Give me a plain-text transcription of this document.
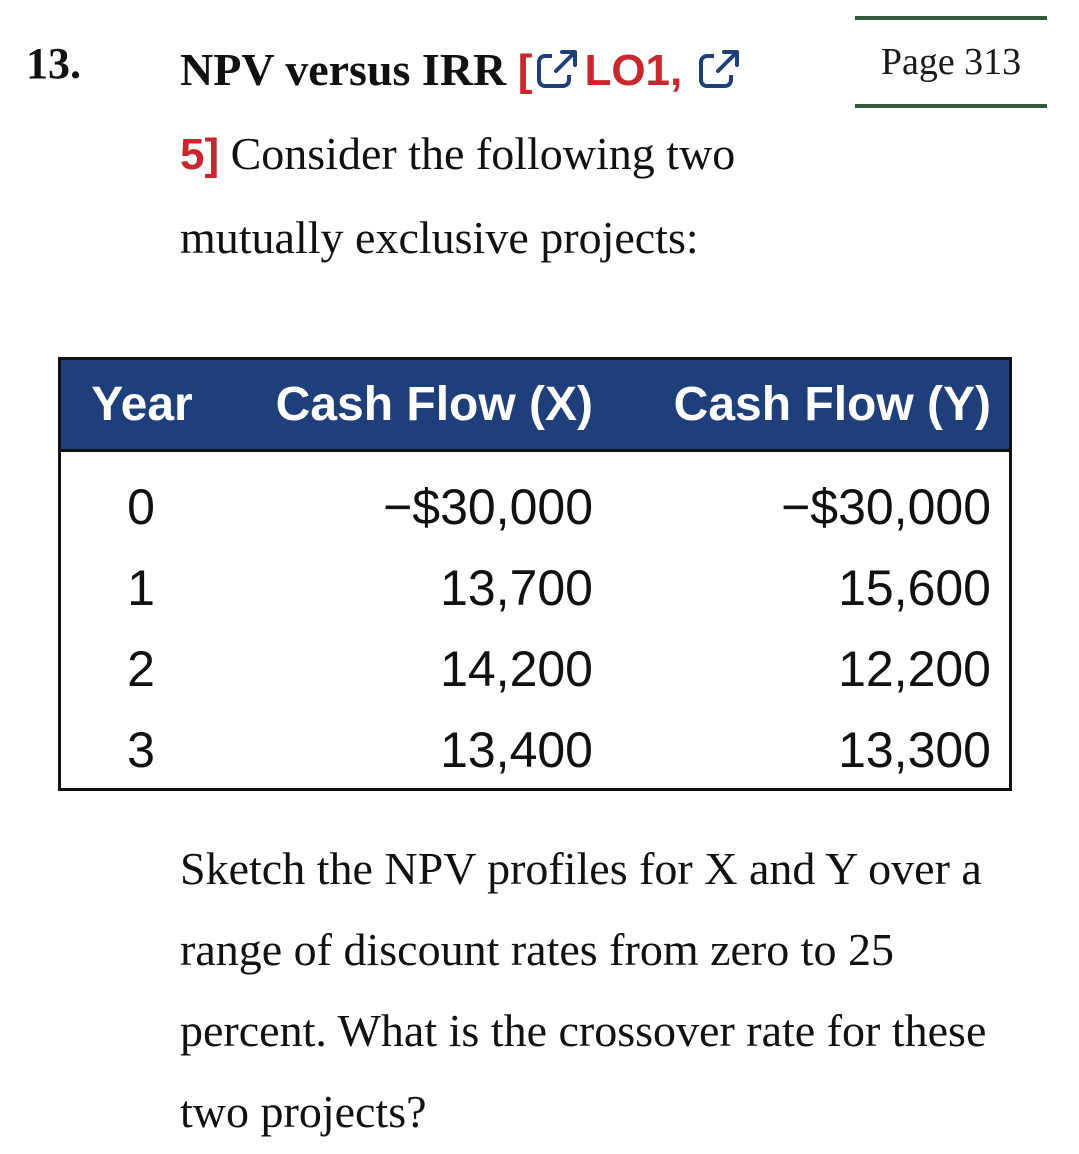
13. NPV versus IRR [ LO1,
5] Consider the following two mutually exclusive projects:
Page 313
Year	Cash Flow (X)	Cash Flow (Y)
0	−$30,000	−$30,000
1	13,700	15,600
2	14,200	12,200
3	13,400	13,300
Sketch the NPV profiles for X and Y over a range of discount rates from zero to 25 percent. What is the crossover rate for these two projects?
